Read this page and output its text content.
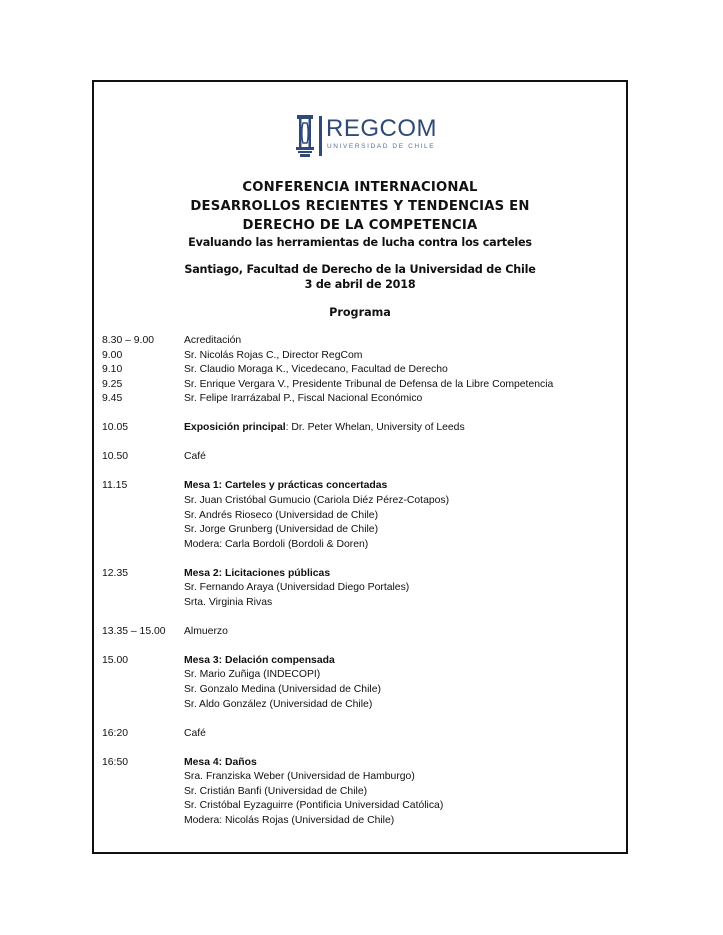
REGCOM
UNIVERSIDAD DE CHILE
CONFERENCIA INTERNACIONAL
DESARROLLOS RECIENTES Y TENDENCIAS EN
DERECHO DE LA COMPETENCIA
Evaluando las herramientas de lucha contra los carteles
Santiago, Facultad de Derecho de la Universidad de Chile
3 de abril de 2018
Programa
8.30 – 9.00	Acreditación
9.00	Sr. Nicolás Rojas C., Director RegCom
9.10	Sr. Claudio Moraga K., Vicedecano, Facultad de Derecho
9.25	Sr. Enrique Vergara V., Presidente Tribunal de Defensa de la Libre Competencia
9.45	Sr. Felipe Irarrázabal P., Fiscal Nacional Económico
10.05	Exposición principal: Dr. Peter Whelan, University of Leeds
10.50	Café
11.15	Mesa 1: Carteles y prácticas concertadas
Sr. Juan Cristóbal Gumucio (Cariola Diéz Pérez-Cotapos)
Sr. Andrés Rioseco (Universidad de Chile)
Sr. Jorge Grunberg (Universidad de Chile)
Modera: Carla Bordoli (Bordoli & Doren)
12.35	Mesa 2: Licitaciones públicas
Sr. Fernando Araya (Universidad Diego Portales)
Srta. Virginia Rivas
13.35 – 15.00 Almuerzo
15.00	Mesa 3: Delación compensada
Sr. Mario Zuñiga (INDECOPI)
Sr. Gonzalo Medina (Universidad de Chile)
Sr. Aldo González (Universidad de Chile)
16:20	Café
16:50	Mesa 4: Daños
Sra. Franziska Weber (Universidad de Hamburgo)
Sr. Cristián Banfi (Universidad de Chile)
Sr. Cristóbal Eyzaguirre (Pontificia Universidad Católica)
Modera: Nicolás Rojas (Universidad de Chile)
